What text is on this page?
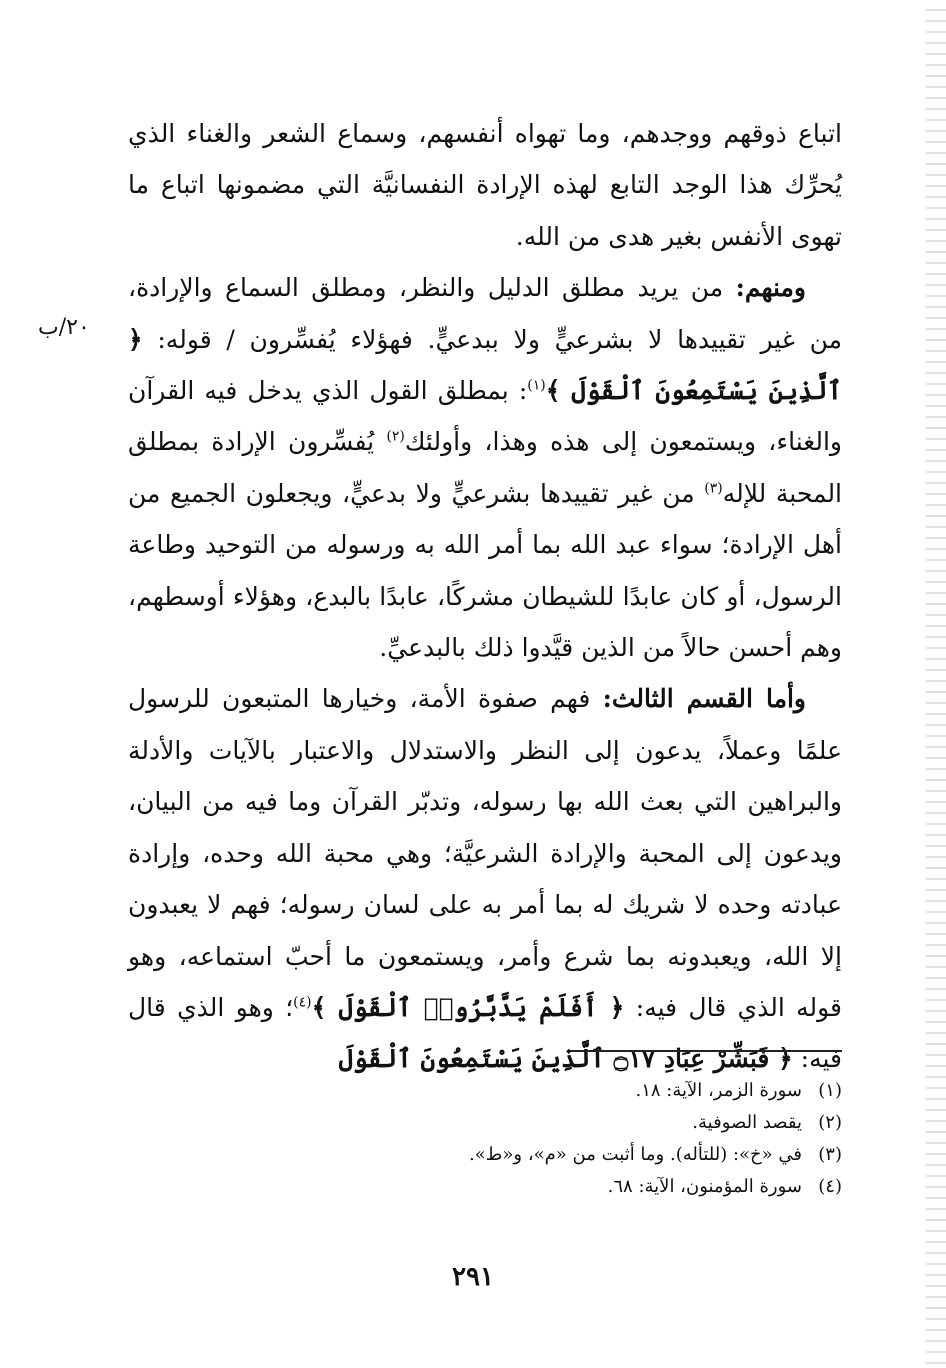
٢٠/ب

اتباع ذوقهم ووجدهم، وما تهواه أنفسهم، وسماع الشعر والغناء الذي يُحرِّك هذا الوجد التابع لهذه الإرادة النفسانيَّة التي مضمونها اتباع ما تهوى الأنفس بغير هدى من الله.

ومنهم: من يريد مطلق الدليل والنظر، ومطلق السماع والإرادة، من غير تقييدها لا بشرعيٍّ ولا ببدعيٍّ. فهؤلاء يُفسِّرون / قوله: ﴿ ٱلَّذِينَ يَسْتَمِعُونَ ٱلْقَوْلَ ﴾$^{(١)}$: بمطلق القول الذي يدخل فيه القرآن والغناء، ويستمعون إلى هذه وهذا، وأولئك$^{(٢)}$ يُفسِّرون الإرادة بمطلق المحبة للإله$^{(٣)}$ من غير تقييدها بشرعيٍّ ولا بدعيٍّ، ويجعلون الجميع من أهل الإرادة؛ سواء عبد الله بما أمر الله به ورسوله من التوحيد وطاعة الرسول، أو كان عابدًا للشيطان مشركًا، عابدًا بالبدع، وهؤلاء أوسطهم، وهم أحسن حالاً من الذين قيَّدوا ذلك بالبدعيِّ.

وأما القسم الثالث: فهم صفوة الأمة، وخيارها المتبعون للرسول علمًا وعملاً، يدعون إلى النظر والاستدلال والاعتبار بالآيات والأدلة والبراهين التي بعث الله بها رسوله، وتدبّر القرآن وما فيه من البيان، ويدعون إلى المحبة والإرادة الشرعيَّة؛ وهي محبة الله وحده، وإرادة عبادته وحده لا شريك له بما أمر به على لسان رسوله؛ فهم لا يعبدون إلا الله، ويعبدونه بما شرع وأمر، ويستمعون ما أحبّ استماعه، وهو قوله الذي قال فيه: ﴿ أَفَلَمْ يَدَّبَّرُوا۟ ٱلْقَوْلَ ﴾$^{(٤)}$؛ وهو الذي قال فيه: ﴿ فَبَشِّرْ عِبَادِ ۝١٧ ٱلَّذِينَ يَسْتَمِعُونَ ٱلْقَوْلَ

(١)
سورة الزمر، الآية: ١٨.
(٢)
يقصد الصوفية.
(٣)
في «خ»: (للتأله). وما أثبت من «م»، و«ط».
(٤)
سورة المؤمنون، الآية: ٦٨.
٢٩١
